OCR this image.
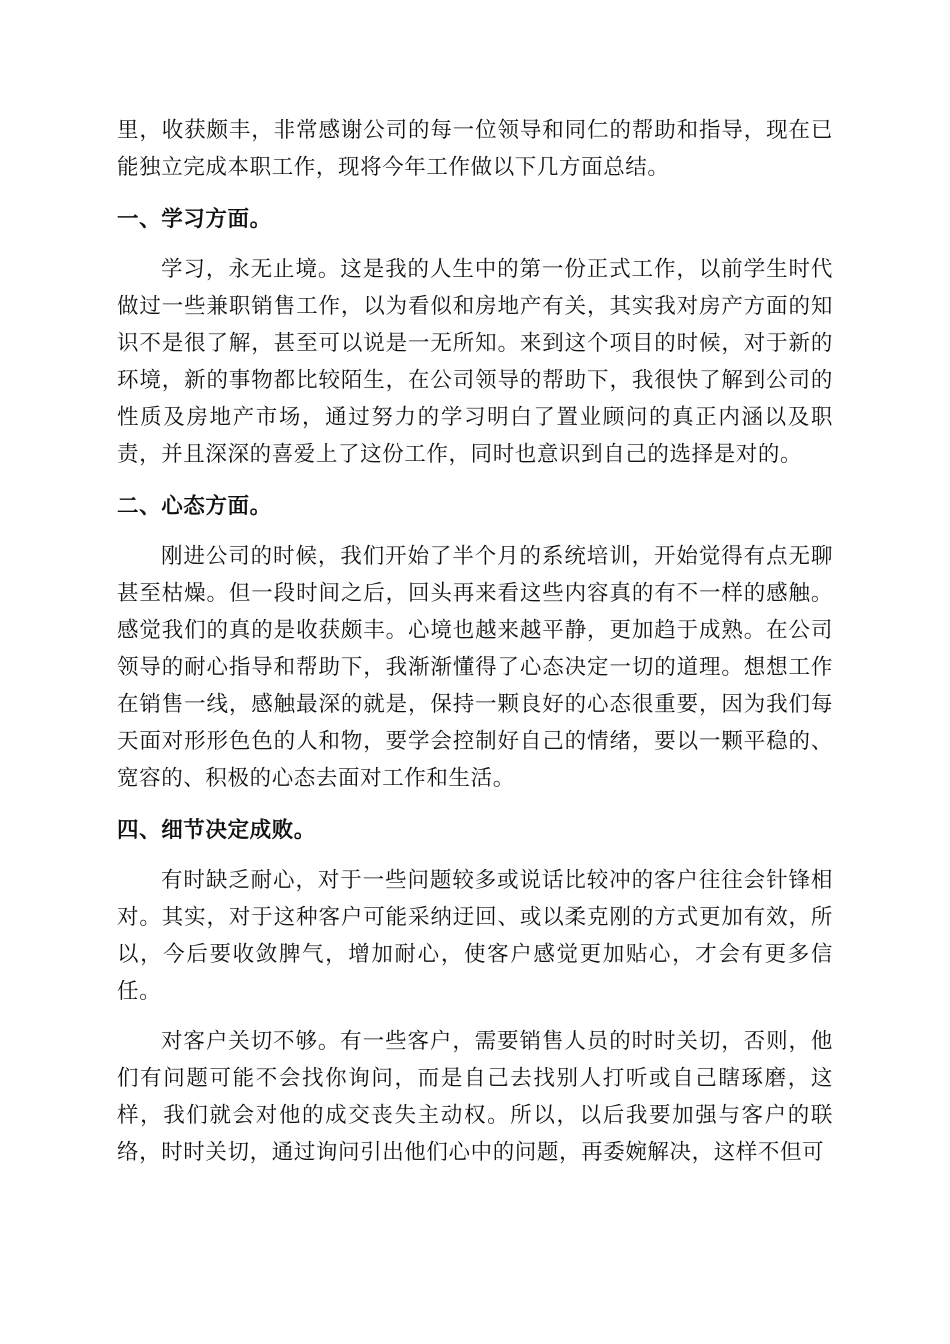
里，收获颇丰，非常感谢公司的每一位领导和同仁的帮助和指导，现在已能独立完成本职工作，现将今年工作做以下几方面总结。

一、学习方面。

学习，永无止境。这是我的人生中的第一份正式工作，以前学生时代做过一些兼职销售工作，以为看似和房地产有关，其实我对房产方面的知识不是很了解，甚至可以说是一无所知。来到这个项目的时候，对于新的环境，新的事物都比较陌生，在公司领导的帮助下，我很快了解到公司的性质及房地产市场，通过努力的学习明白了置业顾问的真正内涵以及职责，并且深深的喜爱上了这份工作，同时也意识到自己的选择是对的。

二、心态方面。

刚进公司的时候，我们开始了半个月的系统培训，开始觉得有点无聊甚至枯燥。但一段时间之后，回头再来看这些内容真的有不一样的感触。感觉我们的真的是收获颇丰。心境也越来越平静，更加趋于成熟。在公司领导的耐心指导和帮助下，我渐渐懂得了心态决定一切的道理。想想工作在销售一线，感触最深的就是，保持一颗良好的心态很重要，因为我们每天面对形形色色的人和物，要学会控制好自己的情绪，要以一颗平稳的、宽容的、积极的心态去面对工作和生活。

四、细节决定成败。

有时缺乏耐心，对于一些问题较多或说话比较冲的客户往往会针锋相对。其实，对于这种客户可能采纳迂回、或以柔克刚的方式更加有效，所以，今后要收敛脾气，增加耐心，使客户感觉更加贴心，才会有更多信任。

对客户关切不够。有一些客户，需要销售人员的时时关切，否则，他们有问题可能不会找你询问，而是自己去找别人打听或自己瞎琢磨，这样，我们就会对他的成交丧失主动权。所以，以后我要加强与客户的联络，时时关切，通过询问引出他们心中的问题，再委婉解决，这样不但可
